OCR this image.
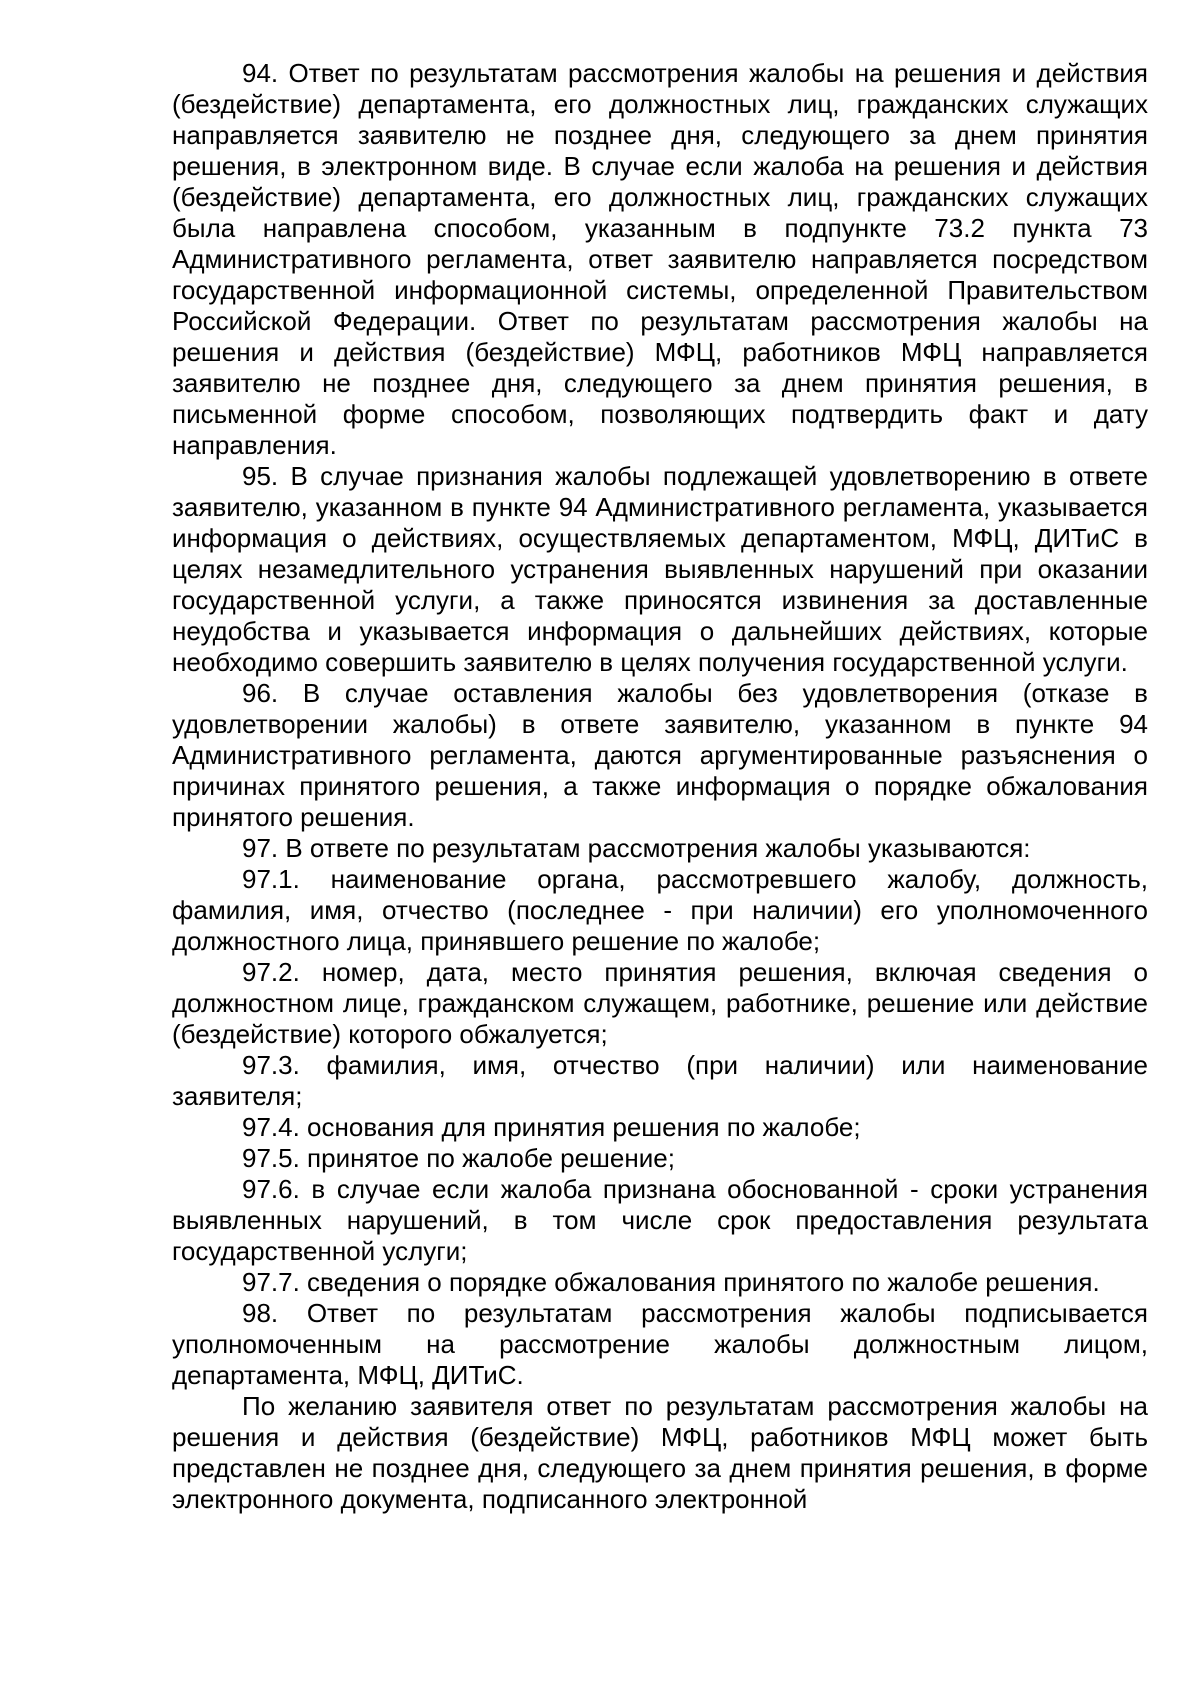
94. Ответ по результатам рассмотрения жалобы на решения и действия (бездействие) департамента, его должностных лиц, гражданских служащих направляется заявителю не позднее дня, следующего за днем принятия решения, в электронном виде. В случае если жалоба на решения и действия (бездействие) департамента, его должностных лиц, гражданских служащих была направлена способом, указанным в подпункте 73.2 пункта 73 Административного регламента, ответ заявителю направляется посредством государственной информационной системы, определенной Правительством Российской Федерации. Ответ по результатам рассмотрения жалобы на решения и действия (бездействие) МФЦ, работников МФЦ направляется заявителю не позднее дня, следующего за днем принятия решения, в письменной форме способом, позволяющих подтвердить факт и дату направления.

95. В случае признания жалобы подлежащей удовлетворению в ответе заявителю, указанном в пункте 94 Административного регламента, указывается информация о действиях, осуществляемых департаментом, МФЦ, ДИТиС в целях незамедлительного устранения выявленных нарушений при оказании государственной услуги, а также приносятся извинения за доставленные неудобства и указывается информация о дальнейших действиях, которые необходимо совершить заявителю в целях получения государственной услуги.

96. В случае оставления жалобы без удовлетворения (отказе в удовлетворении жалобы) в ответе заявителю, указанном в пункте 94 Административного регламента, даются аргументированные разъяснения о причинах принятого решения, а также информация о порядке обжалования принятого решения.

97. В ответе по результатам рассмотрения жалобы указываются:

97.1. наименование органа, рассмотревшего жалобу, должность, фамилия, имя, отчество (последнее - при наличии) его уполномоченного должностного лица, принявшего решение по жалобе;

97.2. номер, дата, место принятия решения, включая сведения о должностном лице, гражданском служащем, работнике, решение или действие (бездействие) которого обжалуется;

97.3. фамилия, имя, отчество (при наличии) или наименование заявителя;

97.4. основания для принятия решения по жалобе;

97.5. принятое по жалобе решение;

97.6. в случае если жалоба признана обоснованной - сроки устранения выявленных нарушений, в том числе срок предоставления результата государственной услуги;

97.7. сведения о порядке обжалования принятого по жалобе решения.

98. Ответ по результатам рассмотрения жалобы подписывается уполномоченным на рассмотрение жалобы должностным лицом, департамента, МФЦ, ДИТиС.

По желанию заявителя ответ по результатам рассмотрения жалобы на решения и действия (бездействие) МФЦ, работников МФЦ может быть представлен не позднее дня, следующего за днем принятия решения, в форме электронного документа, подписанного электронной
